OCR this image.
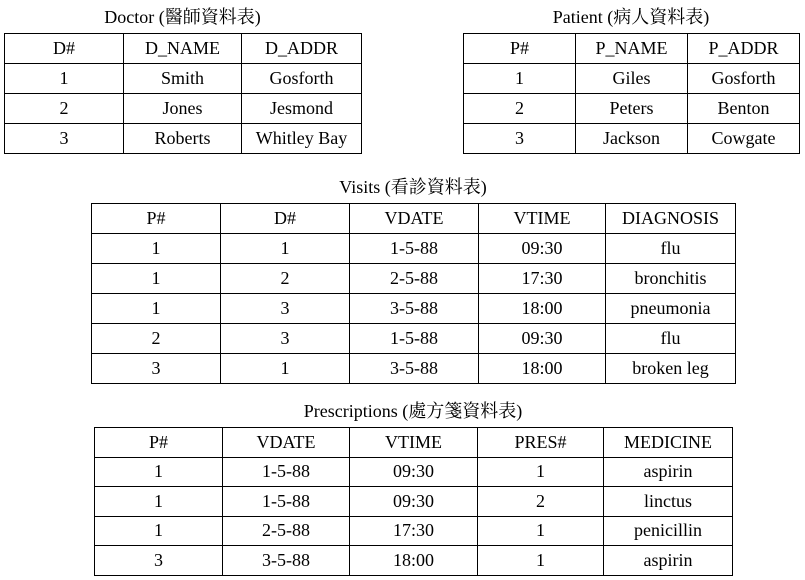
Doctor (醫師資料表)
D#	D_NAME	D_ADDR
1	Smith	Gosforth
2	Jones	Jesmond
3	Roberts	Whitley Bay
Patient (病人資料表)
P#	P_NAME	P_ADDR
1	Giles	Gosforth
2	Peters	Benton
3	Jackson	Cowgate
Visits (看診資料表)
P#	D#	VDATE	VTIME	DIAGNOSIS
1	1	1-5-88	09:30	flu
1	2	2-5-88	17:30	bronchitis
1	3	3-5-88	18:00	pneumonia
2	3	1-5-88	09:30	flu
3	1	3-5-88	18:00	broken leg
Prescriptions (處方箋資料表)
P#	VDATE	VTIME	PRES#	MEDICINE
1	1-5-88	09:30	1	aspirin
1	1-5-88	09:30	2	linctus
1	2-5-88	17:30	1	penicillin
3	3-5-88	18:00	1	aspirin
